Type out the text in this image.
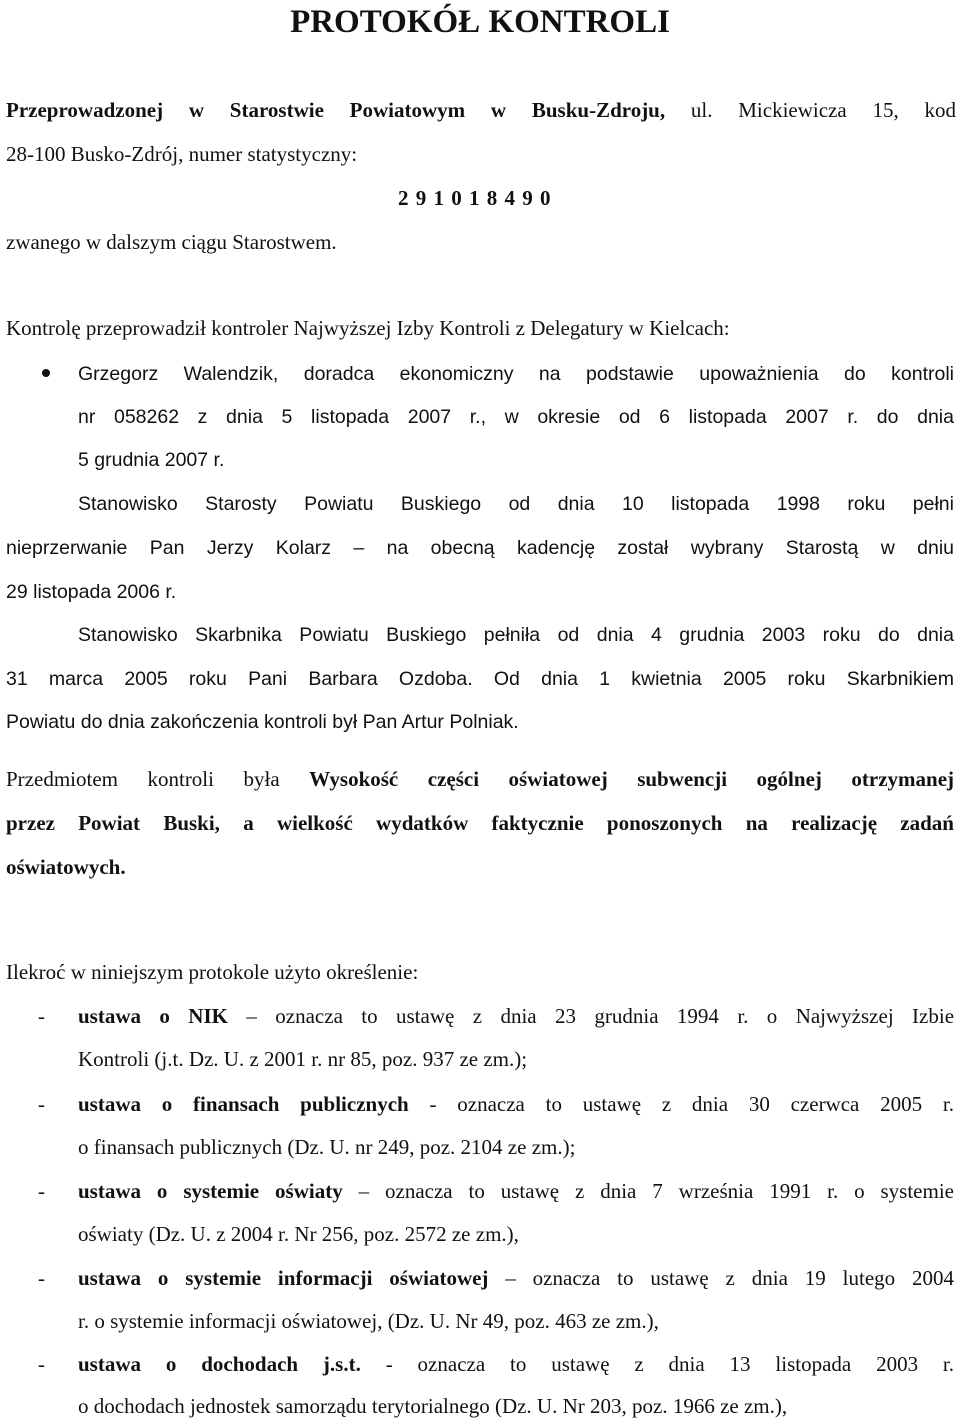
PROTOKÓŁ KONTROLI
Przeprowadzonej w Starostwie Powiatowym w Busku-Zdroju, ul. Mickiewicza 15, kod
28-100 Busko-Zdrój, numer statystyczny:
2 9 1 0 1 8 4 9 0
zwanego w dalszym ciągu Starostwem.
Kontrolę przeprowadził kontroler Najwyższej Izby Kontroli z Delegatury w Kielcach:
Grzegorz Walendzik, doradca ekonomiczny na podstawie upoważnienia do kontroli
nr 058262 z dnia 5 listopada 2007 r., w okresie od 6 listopada 2007 r. do dnia
5 grudnia 2007 r.
Stanowisko Starosty Powiatu Buskiego od dnia 10 listopada 1998 roku pełni
nieprzerwanie Pan Jerzy Kolarz – na obecną kadencję został wybrany Starostą w dniu
29 listopada 2006 r.
Stanowisko Skarbnika Powiatu Buskiego pełniła od dnia 4 grudnia 2003 roku do dnia
31 marca 2005 roku Pani Barbara Ozdoba. Od dnia 1 kwietnia 2005 roku Skarbnikiem
Powiatu do dnia zakończenia kontroli był Pan Artur Polniak.
Przedmiotem kontroli była Wysokość części oświatowej subwencji ogólnej otrzymanej
przez Powiat Buski, a wielkość wydatków faktycznie ponoszonych na realizację zadań
oświatowych.
Ilekroć w niniejszym protokole użyto określenie:
- ustawa o NIK – oznacza to ustawę z dnia 23 grudnia 1994 r. o Najwyższej Izbie
Kontroli (j.t. Dz. U. z 2001 r. nr 85, poz. 937 ze zm.);
- ustawa o finansach publicznych - oznacza to ustawę z dnia 30 czerwca 2005 r.
o finansach publicznych (Dz. U. nr 249, poz. 2104 ze zm.);
- ustawa o systemie oświaty – oznacza to ustawę z dnia 7 września 1991 r. o systemie
oświaty (Dz. U. z 2004 r. Nr 256, poz. 2572 ze zm.),
- ustawa o systemie informacji oświatowej – oznacza to ustawę z dnia 19 lutego 2004
r. o systemie informacji oświatowej, (Dz. U. Nr 49, poz. 463 ze zm.),
- ustawa o dochodach j.s.t. - oznacza to ustawę z dnia 13 listopada 2003 r.
o dochodach jednostek samorządu terytorialnego (Dz. U. Nr 203, poz. 1966 ze zm.),
